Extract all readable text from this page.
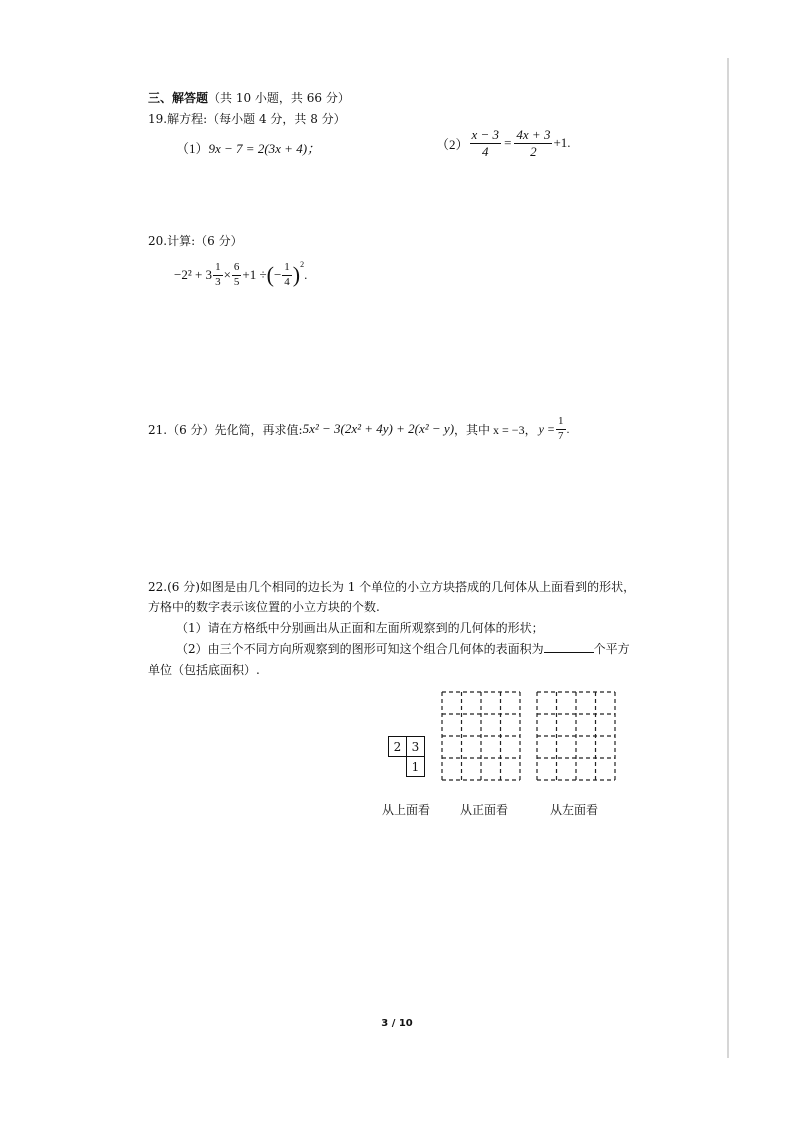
三、解答题（共 10 小题，共 66 分）
19.解方程:（每小题 4 分，共 8 分）
（1）9x − 7 = 2(3x + 4)；	$(2) \frac{x - 3}{4} = \frac{4x + 3}{2} +1$.
20.计算:（6 分）
$-2^2 + 3 \frac{1}{3} \times \frac{6}{5} +1$ ÷ ( − $\frac{1}{4} )^2$
.
21.（6 分）先化简，再求值: 5x² − 3(2x² + 4y) + 2(x² − y) ，其中 x = −3， $y = \frac{1}{7}$ .
22.(6 分)如图是由几个相同的边长为 1 个单位的小立方块搭成的几何体从上面看到的形状，
方格中的数字表示该位置的小立方块的个数.
（1）请在方格纸中分别画出从正面和左面所观察到的几何体的形状；
（2）由三个不同方向所观察到的图形可知这个组合几何体的表面积为	个平方
单位（包括底面积）.
2 3
1
从上面看 从正面看	从左面看
3 / 10
